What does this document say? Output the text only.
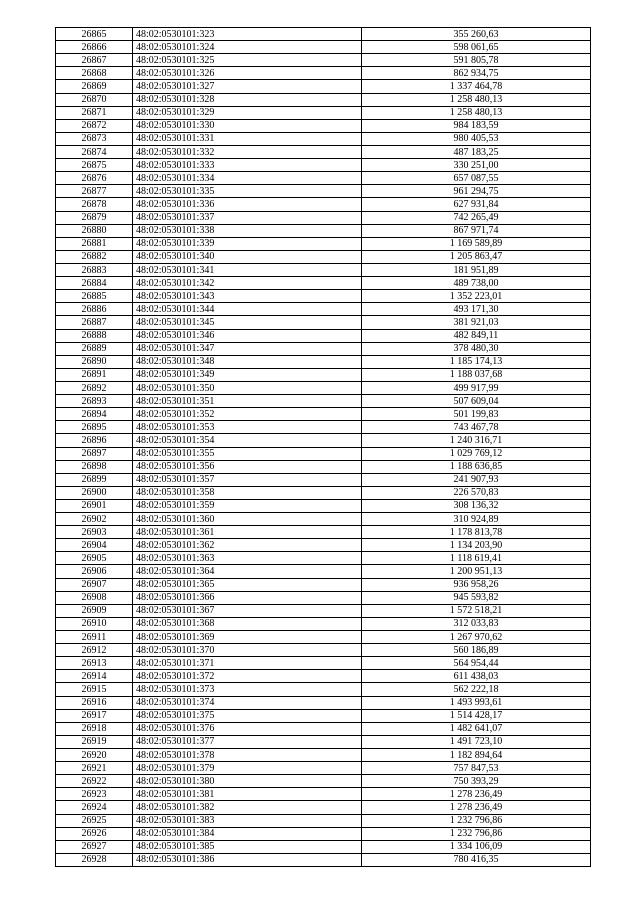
26865	48:02:0530101:323	355 260,63
26866	48:02:0530101:324	598 061,65
26867	48:02:0530101:325	591 805,78
26868	48:02:0530101:326	862 934,75
26869	48:02:0530101:327	1 337 464,78
26870	48:02:0530101:328	1 258 480,13
26871	48:02:0530101:329	1 258 480,13
26872	48:02:0530101:330	984 183,59
26873	48:02:0530101:331	980 405,53
26874	48:02:0530101:332	487 183,25
26875	48:02:0530101:333	330 251,00
26876	48:02:0530101:334	657 087,55
26877	48:02:0530101:335	961 294,75
26878	48:02:0530101:336	627 931,84
26879	48:02:0530101:337	742 265,49
26880	48:02:0530101:338	867 971,74
26881	48:02:0530101:339	1 169 589,89
26882	48:02:0530101:340	1 205 863,47
26883	48:02:0530101:341	181 951,89
26884	48:02:0530101:342	489 738,00
26885	48:02:0530101:343	1 352 223,01
26886	48:02:0530101:344	493 171,30
26887	48:02:0530101:345	381 921,03
26888	48:02:0530101:346	482 849,11
26889	48:02:0530101:347	378 480,30
26890	48:02:0530101:348	1 185 174,13
26891	48:02:0530101:349	1 188 037,68
26892	48:02:0530101:350	499 917,99
26893	48:02:0530101:351	507 609,04
26894	48:02:0530101:352	501 199,83
26895	48:02:0530101:353	743 467,78
26896	48:02:0530101:354	1 240 316,71
26897	48:02:0530101:355	1 029 769,12
26898	48:02:0530101:356	1 188 636,85
26899	48:02:0530101:357	241 907,93
26900	48:02:0530101:358	226 570,83
26901	48:02:0530101:359	308 136,32
26902	48:02:0530101:360	310 924,89
26903	48:02:0530101:361	1 178 813,78
26904	48:02:0530101:362	1 134 203,90
26905	48:02:0530101:363	1 118 619,41
26906	48:02:0530101:364	1 200 951,13
26907	48:02:0530101:365	936 958,26
26908	48:02:0530101:366	945 593,82
26909	48:02:0530101:367	1 572 518,21
26910	48:02:0530101:368	312 033,83
26911	48:02:0530101:369	1 267 970,62
26912	48:02:0530101:370	560 186,89
26913	48:02:0530101:371	564 954,44
26914	48:02:0530101:372	611 438,03
26915	48:02:0530101:373	562 222,18
26916	48:02:0530101:374	1 493 993,61
26917	48:02:0530101:375	1 514 428,17
26918	48:02:0530101:376	1 482 641,07
26919	48:02:0530101:377	1 491 723,10
26920	48:02:0530101:378	1 182 894,64
26921	48:02:0530101:379	757 847,53
26922	48:02:0530101:380	750 393,29
26923	48:02:0530101:381	1 278 236,49
26924	48:02:0530101:382	1 278 236,49
26925	48:02:0530101:383	1 232 796,86
26926	48:02:0530101:384	1 232 796,86
26927	48:02:0530101:385	1 334 106,09
26928	48:02:0530101:386	780 416,35
